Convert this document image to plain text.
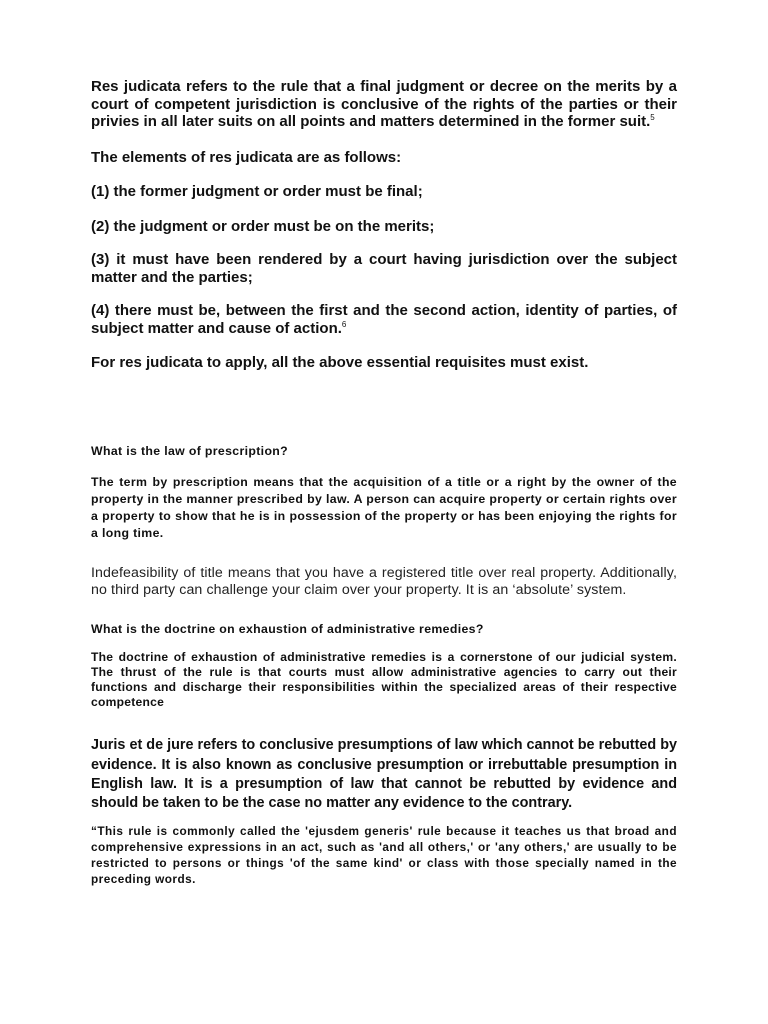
Res judicata refers to the rule that a final judgment or decree on the merits by a court of competent jurisdiction is conclusive of the rights of the parties or their privies in all later suits on all points and matters determined in the former suit.$^5$

The elements of res judicata are as follows:

(1) the former judgment or order must be final;

(2) the judgment or order must be on the merits;

(3) it must have been rendered by a court having jurisdiction over the subject matter and the parties;

(4) there must be, between the first and the second action, identity of parties, of subject matter and cause of action.$^6$

For res judicata to apply, all the above essential requisites must exist.

What is the law of prescription?

The term by prescription means that the acquisition of a title or a right by the owner of the property in the manner prescribed by law. A person can acquire property or certain rights over a property to show that he is in possession of the property or has been enjoying the rights for a long time.

Indefeasibility of title means that you have a registered title over real property. Additionally, no third party can challenge your claim over your property. It is an ‘absolute’ system.

What is the doctrine on exhaustion of administrative remedies?

The doctrine of exhaustion of administrative remedies is a cornerstone of our judicial system. The thrust of the rule is that courts must allow administrative agencies to carry out their functions and discharge their responsibilities within the specialized areas of their respective competence

Juris et de jure refers to conclusive presumptions of law which cannot be rebutted by evidence. It is also known as conclusive presumption or irrebuttable presumption in English law. It is a presumption of law that cannot be rebutted by evidence and should be taken to be the case no matter any evidence to the contrary.

“This rule is commonly called the 'ejusdem generis' rule because it teaches us that broad and comprehensive expressions in an act, such as 'and all others,' or 'any others,' are usually to be restricted to persons or things 'of the same kind' or class with those specially named in the preceding words.
